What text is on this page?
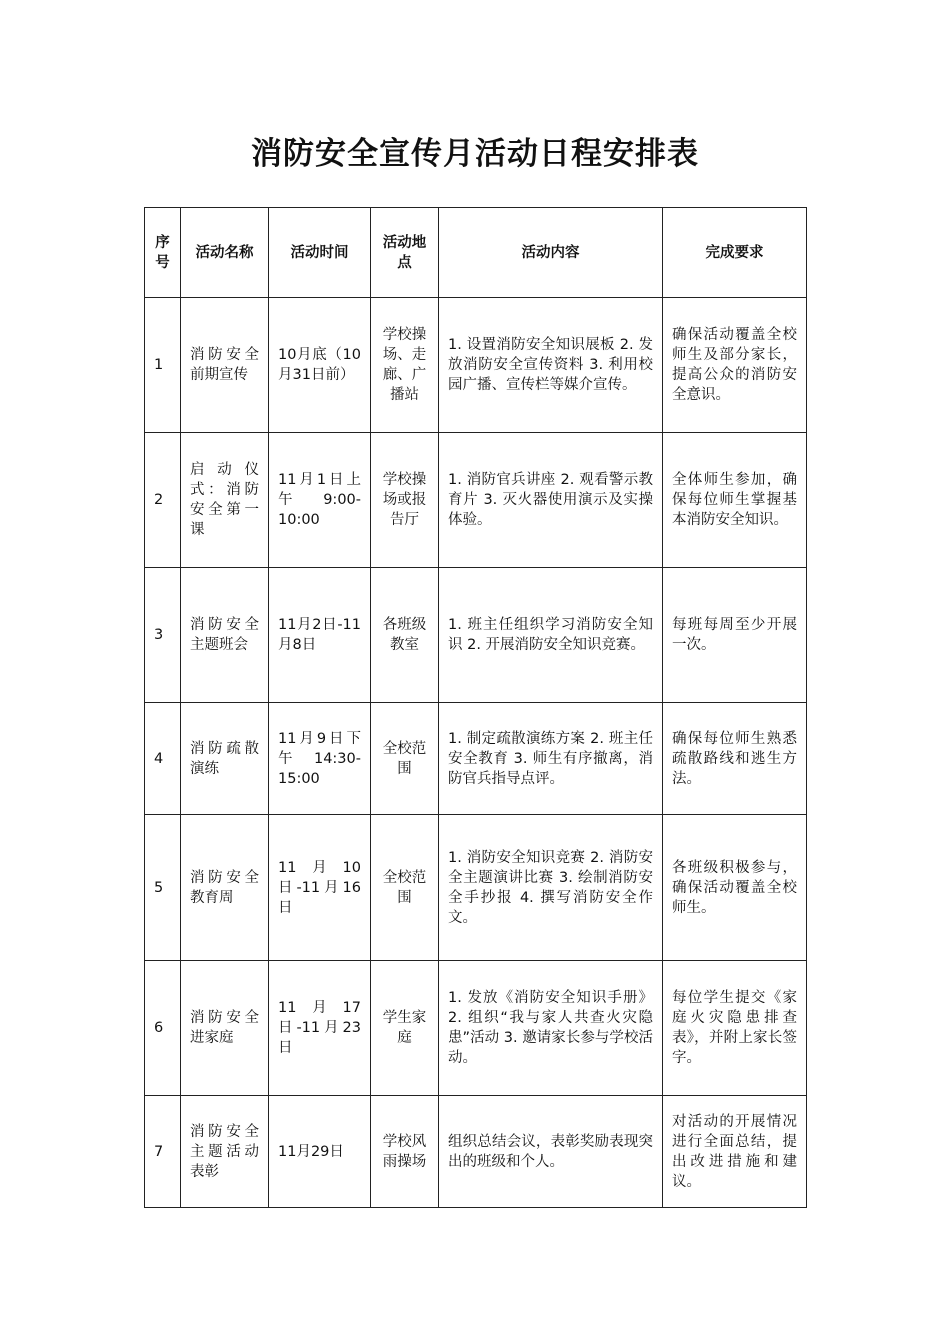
消防安全宣传月活动日程安排表
序号	活动名称	活动时间	活动地点	活动内容	完成要求
1	消防安全前期宣传	10月底（10月31日前）	学校操场、走廊、广播站	1. 设置消防安全知识展板 2. 发放消防安全宣传资料 3. 利用校园广播、宣传栏等媒介宣传。	确保活动覆盖全校师生及部分家长，提高公众的消防安全意识。
2	启动仪式：消防安全第一课	11月1日上午9:00-10:00	学校操场或报告厅	1. 消防官兵讲座 2. 观看警示教育片 3. 灭火器使用演示及实操体验。	全体师生参加，确保每位师生掌握基本消防安全知识。
3	消防安全主题班会	11月2日-11月8日	各班级教室	1. 班主任组织学习消防安全知识 2. 开展消防安全知识竞赛。	每班每周至少开展一次。
4	消防疏散演练	11月9日下午14:30-15:00	全校范围	1. 制定疏散演练方案 2. 班主任安全教育 3. 师生有序撤离，消防官兵指导点评。	确保每位师生熟悉疏散路线和逃生方法。
5	消防安全教育周	11月10日-11月16日	全校范围	1. 消防安全知识竞赛 2. 消防安全主题演讲比赛 3. 绘制消防安全手抄报 4. 撰写消防安全作文。	各班级积极参与，确保活动覆盖全校师生。
6	消防安全进家庭	11月17日-11月23日	学生家庭	1. 发放《消防安全知识手册》2. 组织“我与家人共查火灾隐患”活动 3. 邀请家长参与学校活动。	每位学生提交《家庭火灾隐患排查表》，并附上家长签字。
7	消防安全主题活动表彰	11月29日	学校风雨操场	组织总结会议，表彰奖励表现突出的班级和个人。	对活动的开展情况进行全面总结，提出改进措施和建议。
